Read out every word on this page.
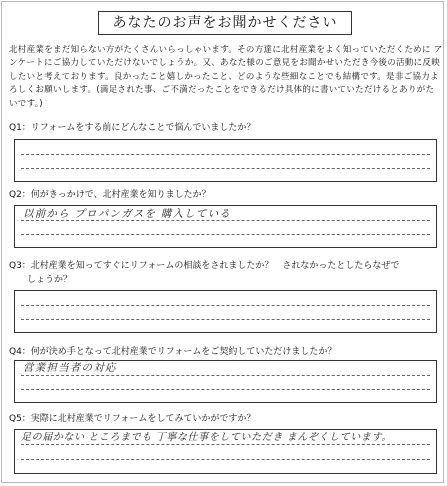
あなたのお声をお聞かせください
北村産業をまだ知らない方がたくさんいらっしゃいます。その方達に北村産業をよく知っていただくために アンケートにご協力していただけないでしょうか。又、あなた様のご意見をお聞かせいただき今後の活動に反映したいと考えております。良かったこと嬉しかったこと、どのような些細なことでも結構です。是非ご協力よろしくお願いします。(満足された事、ご不満だったことをできるだけ具体的に書いていただけるとありがたいです。)
Q1：リフォームをする前にどんなことで悩んでいましたか？
Q2：何がきっかけで、北村産業を知りましたか？
以前から プロパンガスを 購入している
Q3：北村産業を知ってすぐにリフォームの相談をされましたか？　されなかったとしたらなぜで
　　しょうか？
Q4：何が決め手となって北村産業でリフォームをご契約していただけましたか？
営業担当者の対応
Q5：実際に北村産業でリフォームをしてみていかがですか？
足の届かない ところまでも 丁寧な仕事をしていただき まんぞくしています。
